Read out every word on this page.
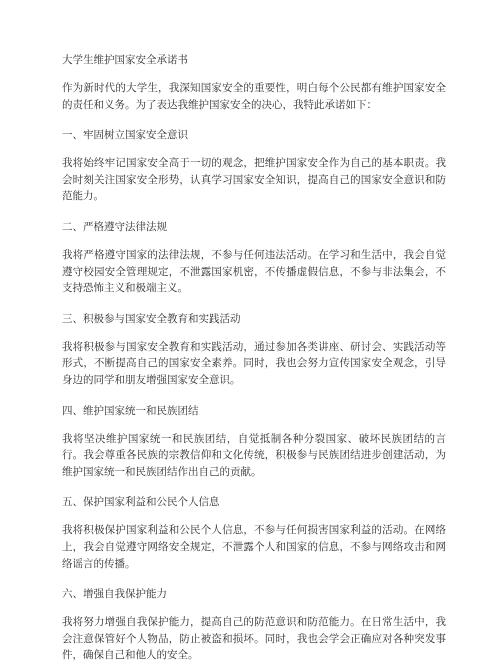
大学生维护国家安全承诺书

作为新时代的大学生，我深知国家安全的重要性，明白每个公民都有维护国家安全的责任和义务。为了表达我维护国家安全的决心，我特此承诺如下：

一、牢固树立国家安全意识

我将始终牢记国家安全高于一切的观念，把维护国家安全作为自己的基本职责。我会时刻关注国家安全形势，认真学习国家安全知识，提高自己的国家安全意识和防范能力。

二、严格遵守法律法规

我将严格遵守国家的法律法规，不参与任何违法活动。在学习和生活中，我会自觉遵守校园安全管理规定，不泄露国家机密，不传播虚假信息，不参与非法集会，不支持恐怖主义和极端主义。

三、积极参与国家安全教育和实践活动

我将积极参与国家安全教育和实践活动，通过参加各类讲座、研讨会、实践活动等形式，不断提高自己的国家安全素养。同时，我也会努力宣传国家安全观念，引导身边的同学和朋友增强国家安全意识。

四、维护国家统一和民族团结

我将坚决维护国家统一和民族团结，自觉抵制各种分裂国家、破坏民族团结的言行。我会尊重各民族的宗教信仰和文化传统，积极参与民族团结进步创建活动，为维护国家统一和民族团结作出自己的贡献。

五、保护国家利益和公民个人信息

我将积极保护国家利益和公民个人信息，不参与任何损害国家利益的活动。在网络上，我会自觉遵守网络安全规定，不泄露个人和国家的信息，不参与网络攻击和网络谣言的传播。

六、增强自我保护能力

我将努力增强自我保护能力，提高自己的防范意识和防范能力。在日常生活中，我会注意保管好个人物品，防止被盗和损坏。同时，我也会学会正确应对各种突发事件，确保自己和他人的安全。
